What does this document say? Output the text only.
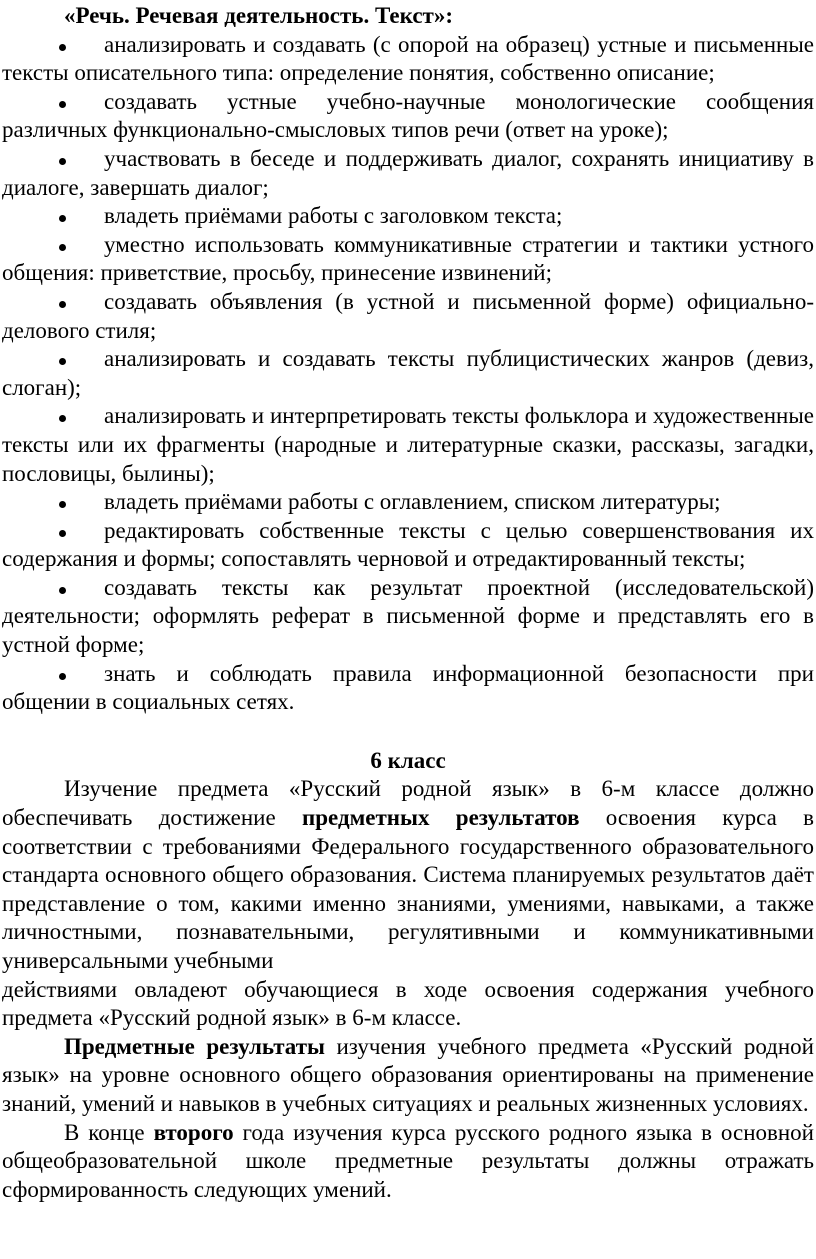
«Речь. Речевая деятельность. Текст»:

анализировать и создавать (с опорой на образец) устные и письменные тексты описательного типа: определение понятия, собственно описание;
создавать устные учебно-научные монологические сообщения различных функционально-смысловых типов речи (ответ на уроке);
участвовать в беседе и поддерживать диалог, сохранять инициативу в диалоге, завершать диалог;
владеть приёмами работы с заголовком текста;
уместно использовать коммуникативные стратегии и тактики устного общения: приветствие, просьбу, принесение извинений;
создавать объявления (в устной и письменной форме) официально-делового стиля;
анализировать и создавать тексты публицистических жанров (девиз, слоган);
анализировать и интерпретировать тексты фольклора и художественные тексты или их фрагменты (народные и литературные сказки, рассказы, загадки, пословицы, былины);
владеть приёмами работы с оглавлением, списком литературы;
редактировать собственные тексты с целью совершенствования их содержания и формы; сопоставлять черновой и отредактированный тексты;
создавать тексты как результат проектной (исследовательской) деятельности; оформлять реферат в письменной форме и представлять его в устной форме;
знать и соблюдать правила информационной безопасности при общении в социальных сетях.

6 класс

Изучение предмета «Русский родной язык» в 6-м классе должно обеспечивать достижение предметных результатов освоения курса в соответствии с требованиями Федерального государственного образовательного стандарта основного общего образования. Система планируемых результатов даёт представление о том, какими именно знаниями, умениями, навыками, а также личностными, познавательными, регулятивными и коммуникативными универсальными учебными

действиями овладеют обучающиеся в ходе освоения содержания учебного предмета «Русский родной язык» в 6-м классе.

Предметные результаты изучения учебного предмета «Русский родной язык» на уровне основного общего образования ориентированы на применение знаний, умений и навыков в учебных ситуациях и реальных жизненных условиях.

В конце второго года изучения курса русского родного языка в основной общеобразовательной школе предметные результаты должны отражать сформированность следующих умений.
